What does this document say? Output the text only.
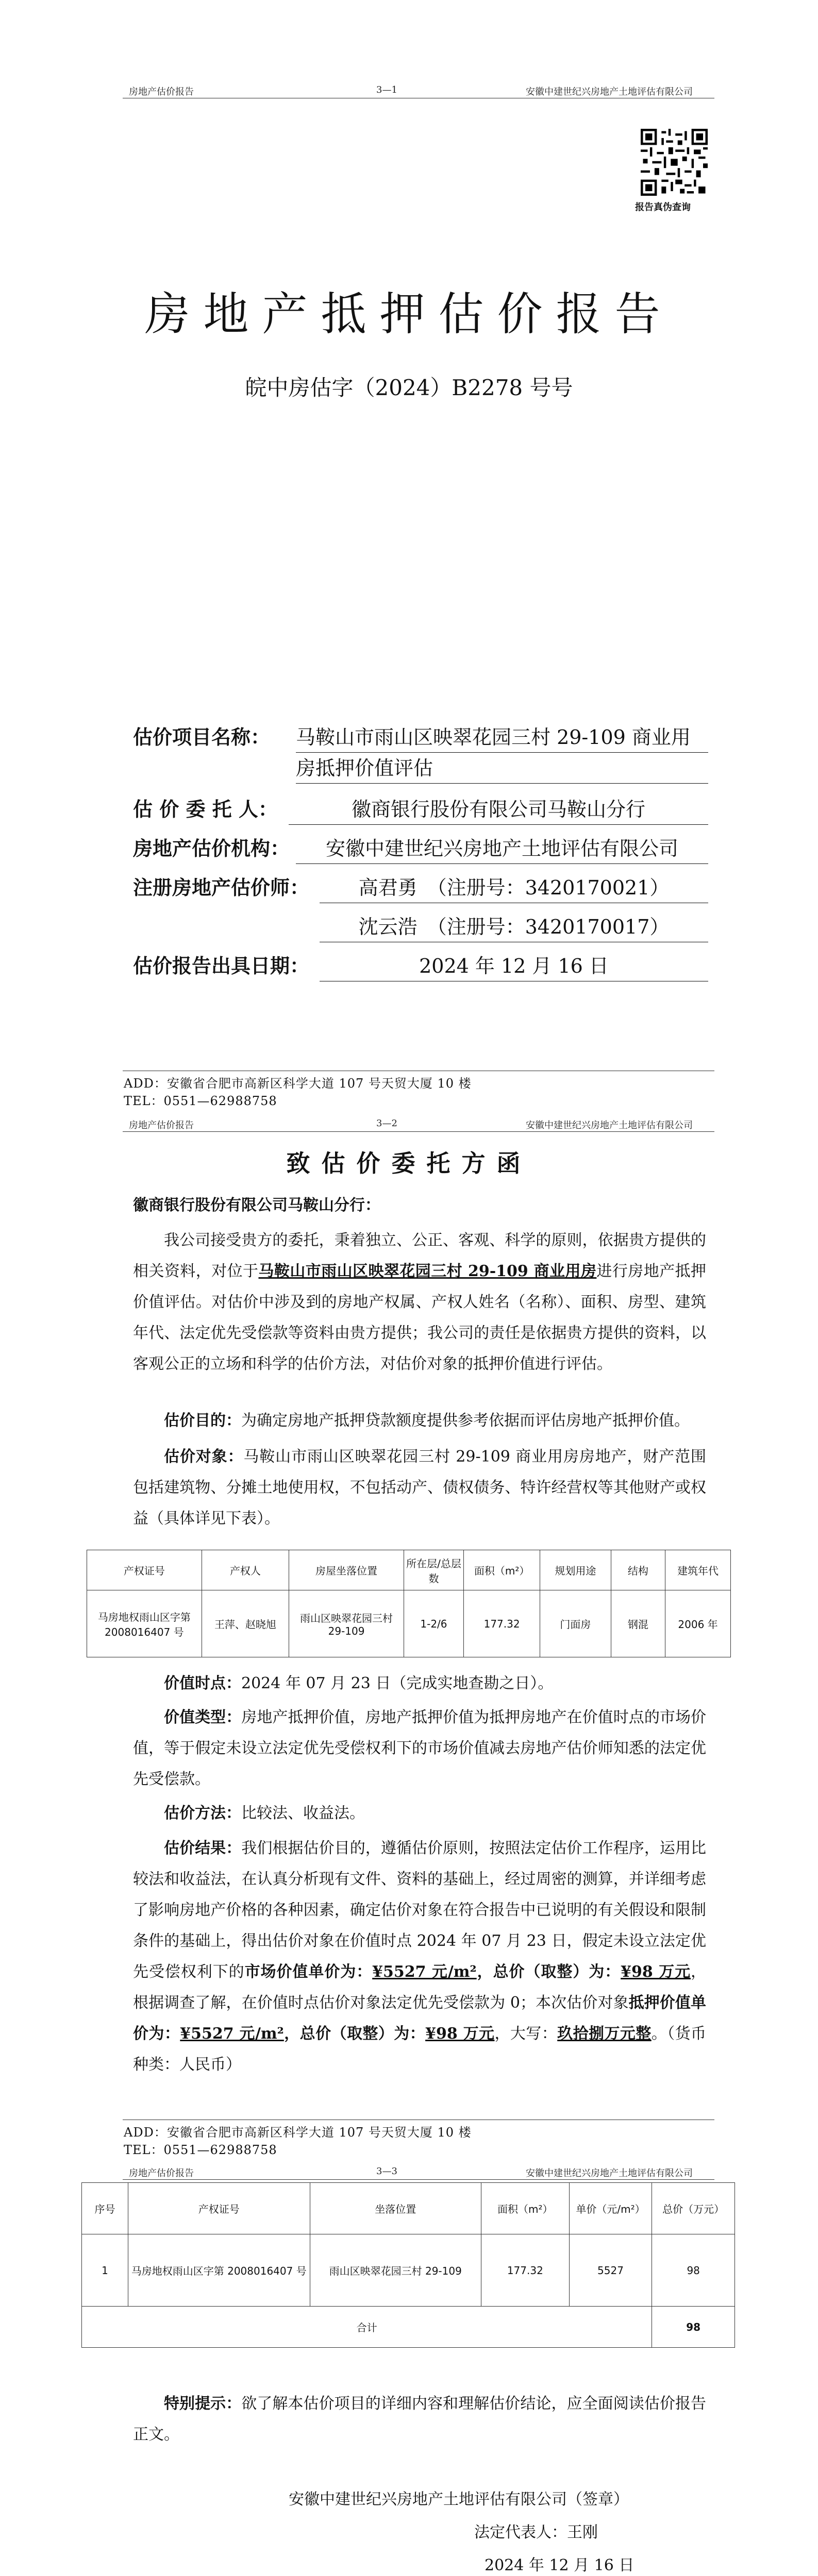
房地产估价报告	3—1	安徽中建世纪兴房地产土地评估有限公司
报告真伪查询
房地产抵押估价报告
皖中房估字（2024）B2278 号号
估价项目名称： 马鞍山市雨山区映翠花园三村 29-109 商业用
房抵押价值评估
估 价 委 托 人：	徽商银行股份有限公司马鞍山分行
房地产估价机构：	安徽中建世纪兴房地产土地评估有限公司
注册房地产估价师：	高君勇　（注册号：3420170021）
沈云浩　（注册号：3420170017）
估价报告出具日期：	2024 年 12 月 16 日
ADD：安徽省合肥市高新区科学大道 107 号天贸大厦 10 楼
TEL：0551—62988758
房地产估价报告	3—2	安徽中建世纪兴房地产土地评估有限公司
致估价委托方函
徽商银行股份有限公司马鞍山分行：
我公司接受贵方的委托，秉着独立、公正、客观、科学的原则，依据贵方提供的相关资料，对位于马鞍山市雨山区映翠花园三村 29-109 商业用房进行房地产抵押价值评估。对估价中涉及到的房地产权属、产权人姓名（名称）、面积、房型、建筑年代、法定优先受偿款等资料由贵方提供；我公司的责任是依据贵方提供的资料，以客观公正的立场和科学的估价方法，对估价对象的抵押价值进行评估。
估价目的：为确定房地产抵押贷款额度提供参考依据而评估房地产抵押价值。
估价对象：马鞍山市雨山区映翠花园三村 29-109 商业用房房地产，财产范围包括建筑物、分摊土地使用权，不包括动产、债权债务、特许经营权等其他财产或权益（具体详见下表）。
产权证号	产权人	房屋坐落位置	所在层/总层数	面积（m²）	规划用途	结构	建筑年代
马房地权雨山区字第 2008016407 号	王萍、赵晓旭	雨山区映翠花园三村 29-109	1-2/6	177.32	门面房	钢混	2006 年
价值时点：2024 年 07 月 23 日（完成实地查勘之日）。
价值类型：房地产抵押价值，房地产抵押价值为抵押房地产在价值时点的市场价值，等于假定未设立法定优先受偿权利下的市场价值减去房地产估价师知悉的法定优先受偿款。
估价方法：比较法、收益法。
估价结果：我们根据估价目的，遵循估价原则，按照法定估价工作程序，运用比较法和收益法，在认真分析现有文件、资料的基础上，经过周密的测算，并详细考虑了影响房地产价格的各种因素，确定估价对象在符合报告中已说明的有关假设和限制条件的基础上，得出估价对象在价值时点 2024 年 07 月 23 日，假定未设立法定优先受偿权利下的市场价值单价为：¥5527 元/m²，总价（取整）为：¥98 万元，根据调查了解，在价值时点估价对象法定优先受偿款为 0；本次估价对象抵押价值单价为：¥5527 元/m²，总价（取整）为：¥98 万元，大写：玖拾捌万元整。（货币种类：人民币）
ADD：安徽省合肥市高新区科学大道 107 号天贸大厦 10 楼
TEL：0551—62988758
房地产估价报告	3—3	安徽中建世纪兴房地产土地评估有限公司
序号	产权证号	坐落位置	面积（m²）	单价（元/m²）	总价（万元）
1	马房地权雨山区字第 2008016407 号	雨山区映翠花园三村 29-109	177.32	5527	98
合计					98
特别提示：欲了解本估价项目的详细内容和理解估价结论，应全面阅读估价报告正文。
安徽中建世纪兴房地产土地评估有限公司（签章）
法定代表人：王刚
2024 年 12 月 16 日
